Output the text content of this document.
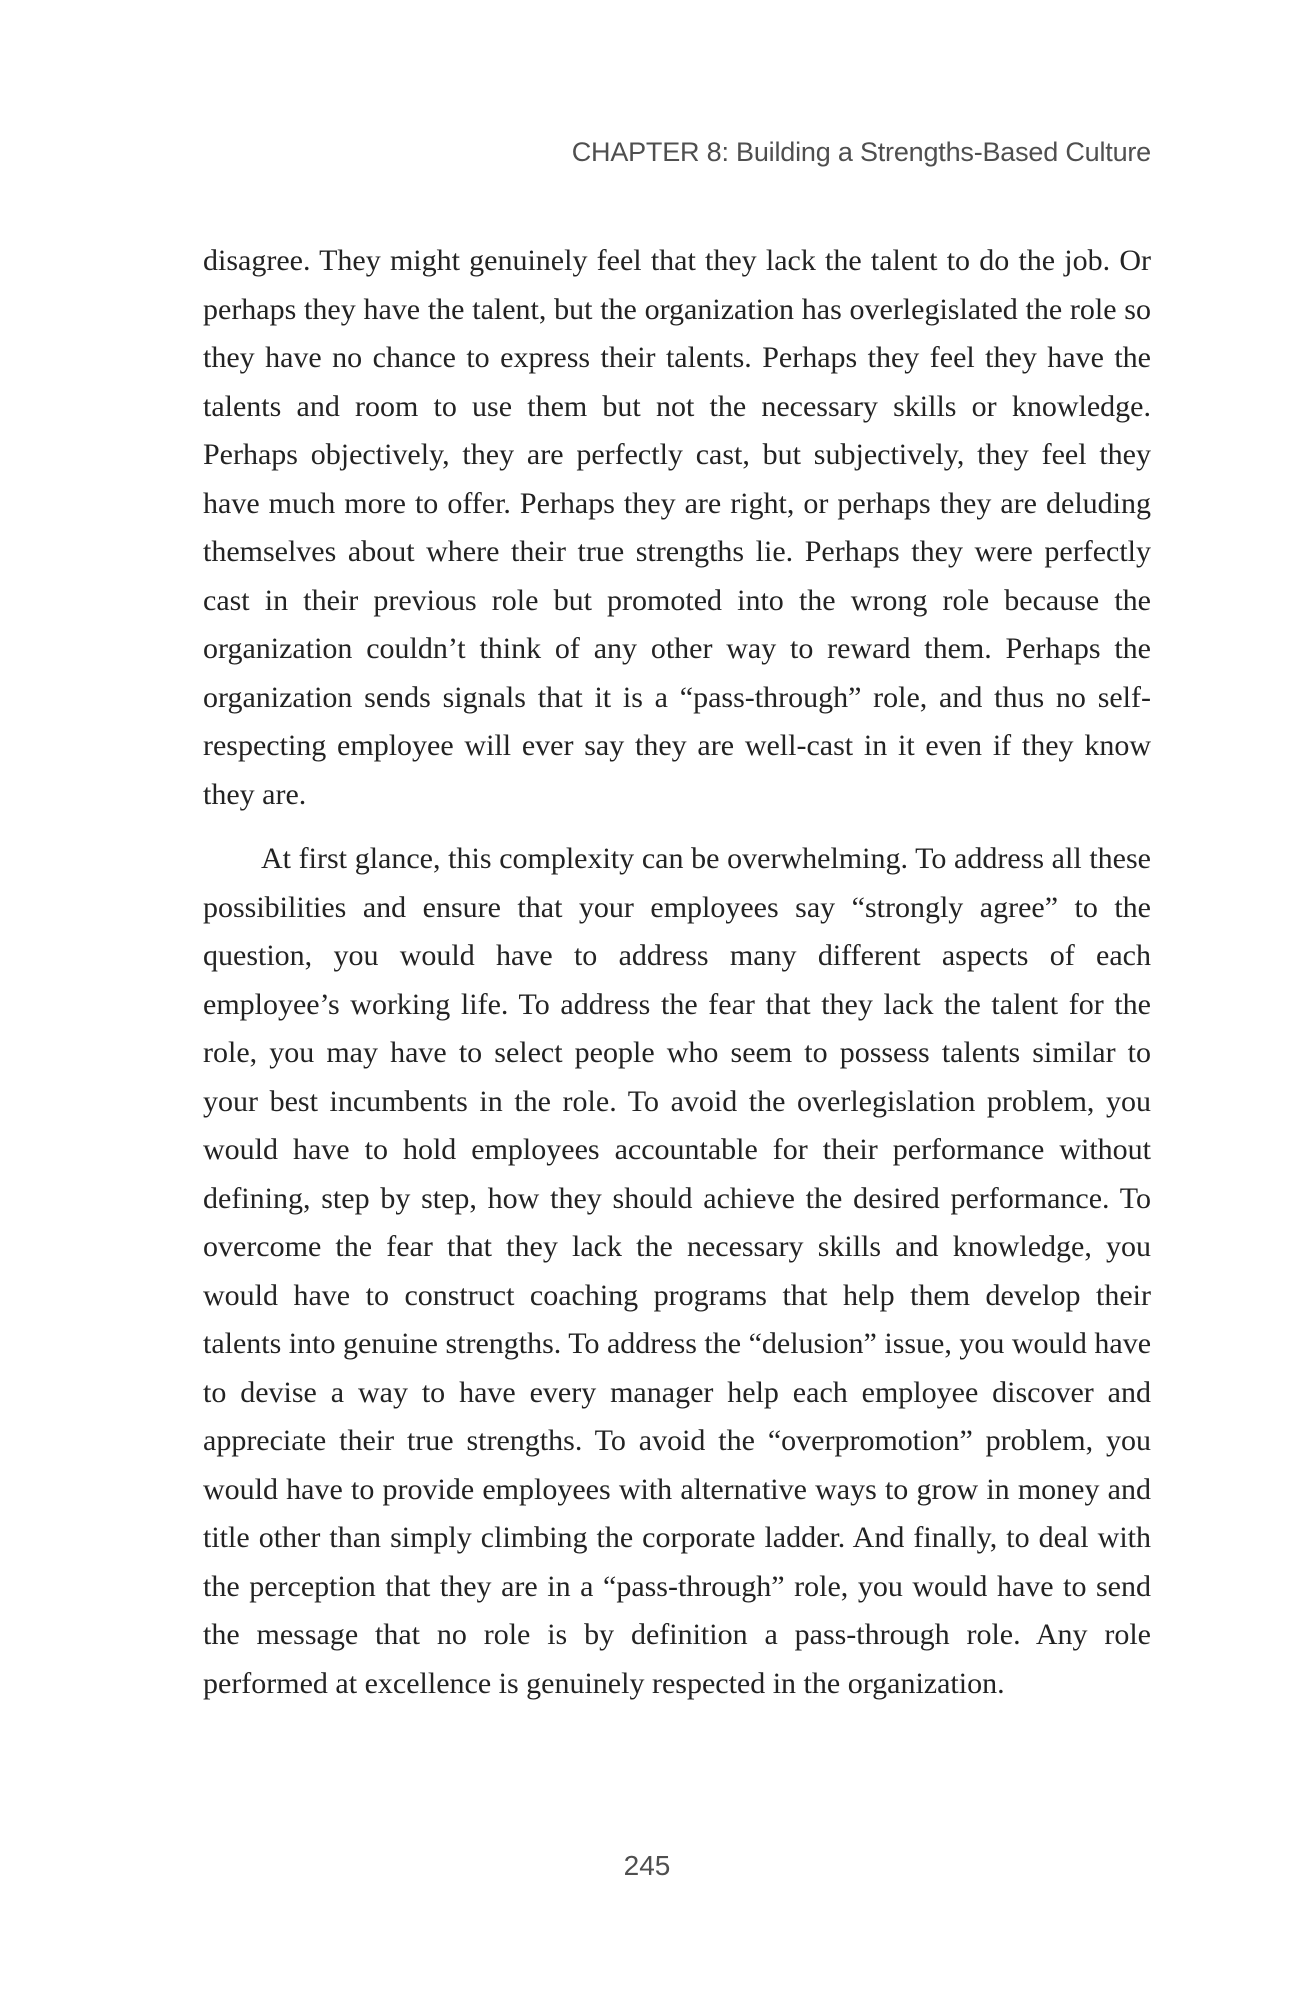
CHAPTER 8: Building a Strengths-Based Culture

disagree. They might genuinely feel that they lack the talent to do the job. Or perhaps they have the talent, but the organization has overlegislated the role so they have no chance to express their talents. Perhaps they feel they have the talents and room to use them but not the necessary skills or knowledge. Perhaps objectively, they are perfectly cast, but subjectively, they feel they have much more to offer. Perhaps they are right, or perhaps they are deluding themselves about where their true strengths lie. Perhaps they were perfectly cast in their previous role but promoted into the wrong role because the organization couldn’t think of any other way to reward them. Perhaps the organization sends signals that it is a “pass-through” role, and thus no self-respecting employee will ever say they are well-cast in it even if they know they are.

At first glance, this complexity can be overwhelming. To address all these possibilities and ensure that your employees say “strongly agree” to the question, you would have to address many different aspects of each employee’s working life. To address the fear that they lack the talent for the role, you may have to select people who seem to possess talents similar to your best incumbents in the role. To avoid the overlegislation problem, you would have to hold employees accountable for their performance without defining, step by step, how they should achieve the desired performance. To overcome the fear that they lack the necessary skills and knowledge, you would have to construct coaching programs that help them develop their talents into genuine strengths. To address the “delusion” issue, you would have to devise a way to have every manager help each employee discover and appreciate their true strengths. To avoid the “overpromotion” problem, you would have to provide employees with alternative ways to grow in money and title other than simply climbing the corporate ladder. And finally, to deal with the perception that they are in a “pass-through” role, you would have to send the message that no role is by definition a pass-through role. Any role performed at excellence is genuinely respected in the organization.

245
